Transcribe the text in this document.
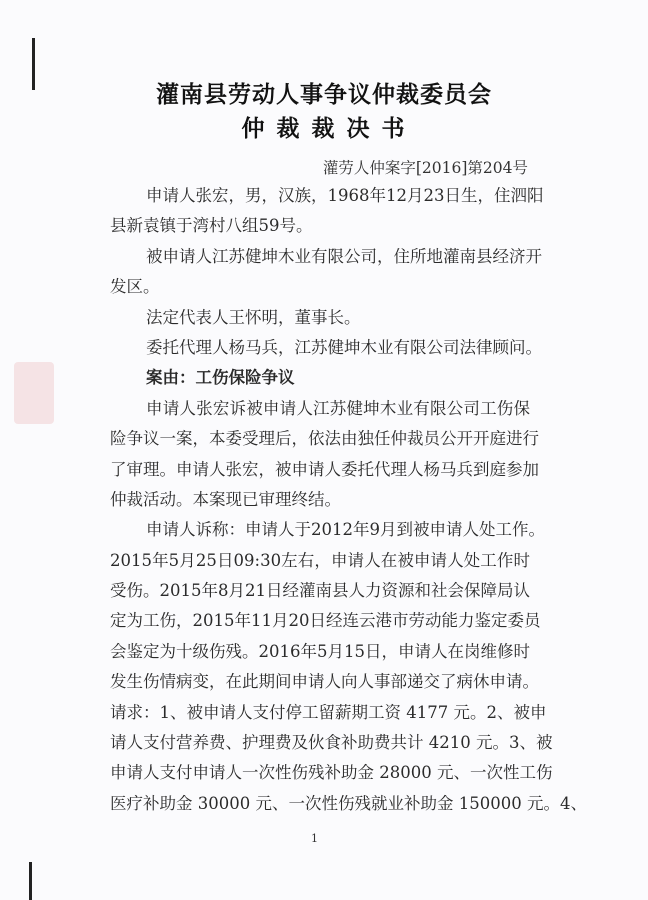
灌南县劳动人事争议仲裁委员会
仲裁裁决书
灌劳人仲案字[2016]第204号
申请人张宏，男，汉族，1968年12月23日生，住泗阳
县新袁镇于湾村八组59号。
被申请人江苏健坤木业有限公司，住所地灌南县经济开
发区。
法定代表人王怀明，董事长。
委托代理人杨马兵，江苏健坤木业有限公司法律顾问。
案由：工伤保险争议
申请人张宏诉被申请人江苏健坤木业有限公司工伤保
险争议一案，本委受理后，依法由独任仲裁员公开开庭进行
了审理。申请人张宏，被申请人委托代理人杨马兵到庭参加
仲裁活动。本案现已审理终结。
申请人诉称：申请人于2012年9月到被申请人处工作。
2015年5月25日09:30左右，申请人在被申请人处工作时
受伤。2015年8月21日经灌南县人力资源和社会保障局认
定为工伤，2015年11月20日经连云港市劳动能力鉴定委员
会鉴定为十级伤残。2016年5月15日，申请人在岗维修时
发生伤情病变，在此期间申请人向人事部递交了病休申请。
请求：1、被申请人支付停工留薪期工资 4177 元。2、被申
请人支付营养费、护理费及伙食补助费共计 4210 元。3、被
申请人支付申请人一次性伤残补助金 28000 元、一次性工伤
医疗补助金 30000 元、一次性伤残就业补助金 150000 元。4、
1
